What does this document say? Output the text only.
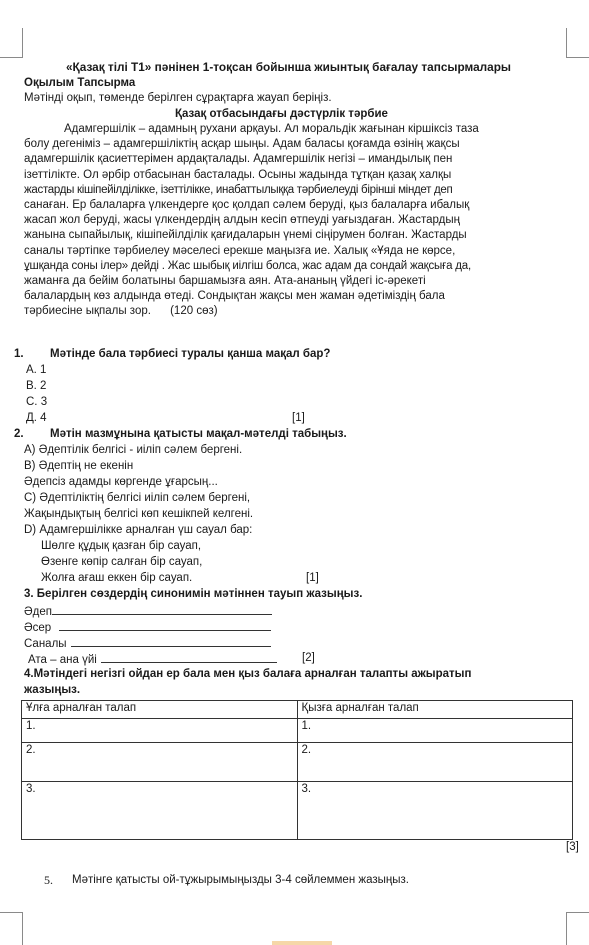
«Қазақ тілі Т1» пәнінен 1-тоқсан бойынша жиынтық бағалау тапсырмалары
Оқылым Тапсырма
Мәтінді оқып, төменде берілген сұрақтарға жауап беріңіз.
Қазақ отбасындағы дәстүрлік тәрбие

Адамгершілік – адамның рухани арқауы. Ал моральдік жағынан кіршіксіз таза

болу дегеніміз – адамгершіліктің асқар шыңы. Адам баласы қоғамда өзінің жақсы

адамгершілік қасиеттерімен ардақталады. Адамгершілік негізі – имандылық пен

ізеттілікте. Ол әрбір отбасынан басталады. Осыны жадында тұтқан қазақ халқы

жастарды кішіпейілділікке, ізеттілікке, инабаттылыққа тәрбиелеуді бірінші міндет деп

санаған. Ер балаларға үлкендерге қос қолдап сәлем беруді, қыз балаларға ибалық

жасап жол беруді, жасы үлкендердің алдын кесіп өтпеуді уағыздаған. Жастардың

жанына сыпайылық, кішіпейілділік қағидаларын үнемі сіңірумен болған. Жастарды

саналы тәртіпке тәрбиелеу мәселесі ерекше маңызға ие. Халық «Ұяда не көрсе,

ұшқанда соны ілер» дейді . Жас шыбық иілгіш болса, жас адам да сондай жақсыға да,

жаманға да бейім болатыны баршамызға аян. Ата-ананың үйдегі іс-әрекеті

балалардың көз алдында өтеді. Сондықтан жақсы мен жаман әдетіміздің бала

тәрбиесіне ықпалы зор.      (120 сөз)

1. Мәтінде бала тәрбиесі туралы қанша мақал бар?
А. 1
В. 2
С. 3
Д. 4	[1]
2. Мәтін мазмұнына қатысты мақал-мәтелді табыңыз.
А) Әдептілік белгісі - иіліп сәлем бергені.
В) Әдептің не екенін
Әдепсіз адамды көргенде ұғарсың...
С) Әдептіліктің белгісі иіліп сәлем бергені,
Жақындықтың белгісі көп кешікпей келгені.
D) Адамгершілікке арналған үш сауал бар:
Шөлге құдық қазған бір сауап,
Өзенге көпір салған бір сауап,
Жолға ағаш еккен бір сауап.	[1]
3. Берілген сөздердің синонимін мәтіннен тауып жазыңыз.
Әдеп
Әсер
Саналы
Ата – ана үйі	[2]
4.Мәтіндегі негізгі ойдан ер бала мен қыз балаға арналған талапты ажыратып
жазыңыз.
Ұлға арналған талап	Қызға арналған талап
1.	1.
2.	2.
3.	3.
[3]
5. Мәтінге қатысты ой-тұжырымыңызды 3-4 сөйлеммен жазыңыз.
